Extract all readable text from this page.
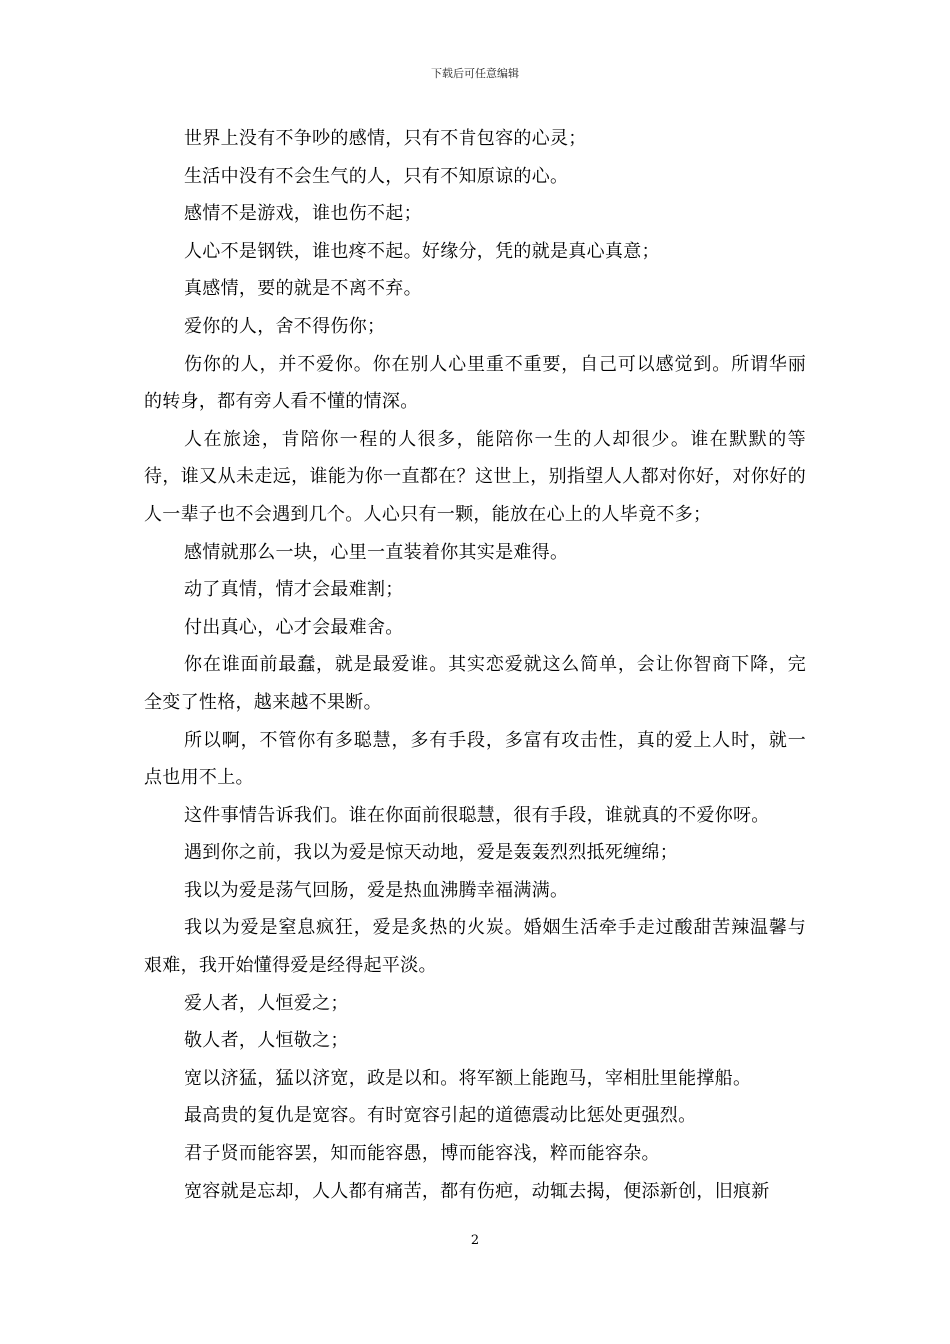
下载后可任意编辑

世界上没有不争吵的感情，只有不肯包容的心灵；

生活中没有不会生气的人，只有不知原谅的心。

感情不是游戏，谁也伤不起；

人心不是钢铁，谁也疼不起。好缘分，凭的就是真心真意；

真感情，要的就是不离不弃。

爱你的人，舍不得伤你；

伤你的人，并不爱你。你在别人心里重不重要，自己可以感觉到。所谓华丽的转身，都有旁人看不懂的情深。

人在旅途，肯陪你一程的人很多，能陪你一生的人却很少。谁在默默的等待，谁又从未走远，谁能为你一直都在？这世上，别指望人人都对你好，对你好的人一辈子也不会遇到几个。人心只有一颗，能放在心上的人毕竟不多；

感情就那么一块，心里一直装着你其实是难得。

动了真情，情才会最难割；

付出真心，心才会最难舍。

你在谁面前最蠢，就是最爱谁。其实恋爱就这么简单，会让你智商下降，完全变了性格，越来越不果断。

所以啊，不管你有多聪慧，多有手段，多富有攻击性，真的爱上人时，就一点也用不上。

这件事情告诉我们。谁在你面前很聪慧，很有手段，谁就真的不爱你呀。

遇到你之前，我以为爱是惊天动地，爱是轰轰烈烈抵死缠绵；

我以为爱是荡气回肠，爱是热血沸腾幸福满满。

我以为爱是窒息疯狂，爱是炙热的火炭。婚姻生活牵手走过酸甜苦辣温馨与艰难，我开始懂得爱是经得起平淡。

爱人者，人恒爱之；

敬人者，人恒敬之；

宽以济猛，猛以济宽，政是以和。将军额上能跑马，宰相肚里能撑船。

最高贵的复仇是宽容。有时宽容引起的道德震动比惩处更强烈。

君子贤而能容罢，知而能容愚，博而能容浅，粹而能容杂。

宽容就是忘却，人人都有痛苦，都有伤疤，动辄去揭，便添新创，旧痕新

2
